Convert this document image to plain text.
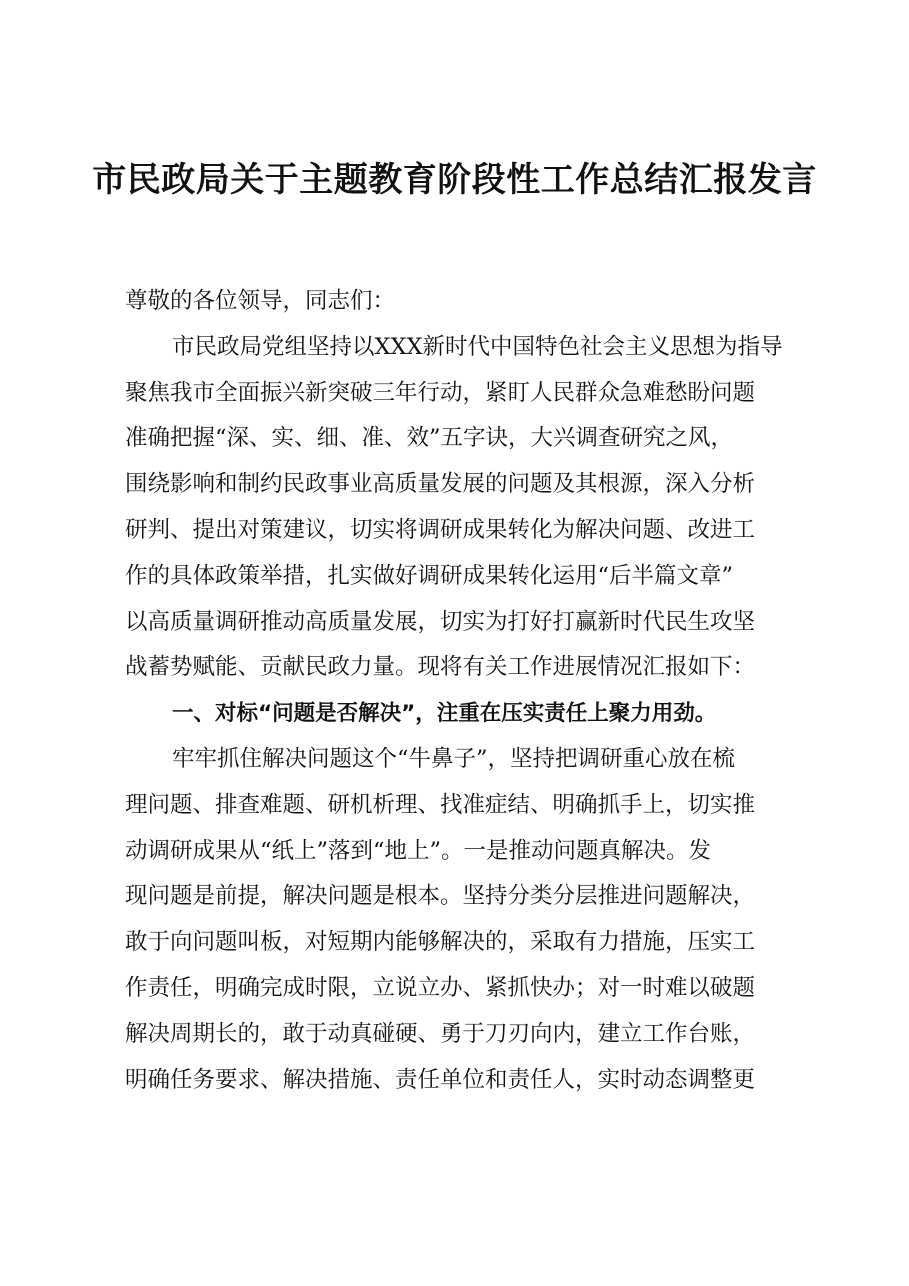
市民政局关于主题教育阶段性工作总结汇报发言
尊敬的各位领导，同志们：
市民政局党组坚持以XXX新时代中国特色社会主义思想为指导
聚焦我市全面振兴新突破三年行动，紧盯人民群众急难愁盼问题
准确把握“深、实、细、准、效”五字诀，大兴调查研究之风，
围绕影响和制约民政事业高质量发展的问题及其根源，深入分析
研判、提出对策建议，切实将调研成果转化为解决问题、改进工
作的具体政策举措，扎实做好调研成果转化运用“后半篇文章”
以高质量调研推动高质量发展，切实为打好打赢新时代民生攻坚
战蓄势赋能、贡献民政力量。现将有关工作进展情况汇报如下：
一、对标“问题是否解决”，注重在压实责任上聚力用劲。
牢牢抓住解决问题这个“牛鼻子”，坚持把调研重心放在梳
理问题、排查难题、研机析理、找准症结、明确抓手上，切实推
动调研成果从“纸上”落到“地上”。一是推动问题真解决。发
现问题是前提，解决问题是根本。坚持分类分层推进问题解决，
敢于向问题叫板，对短期内能够解决的，采取有力措施，压实工
作责任，明确完成时限，立说立办、紧抓快办；对一时难以破题
解决周期长的，敢于动真碰硬、勇于刀刃向内，建立工作台账，
明确任务要求、解决措施、责任单位和责任人，实时动态调整更
